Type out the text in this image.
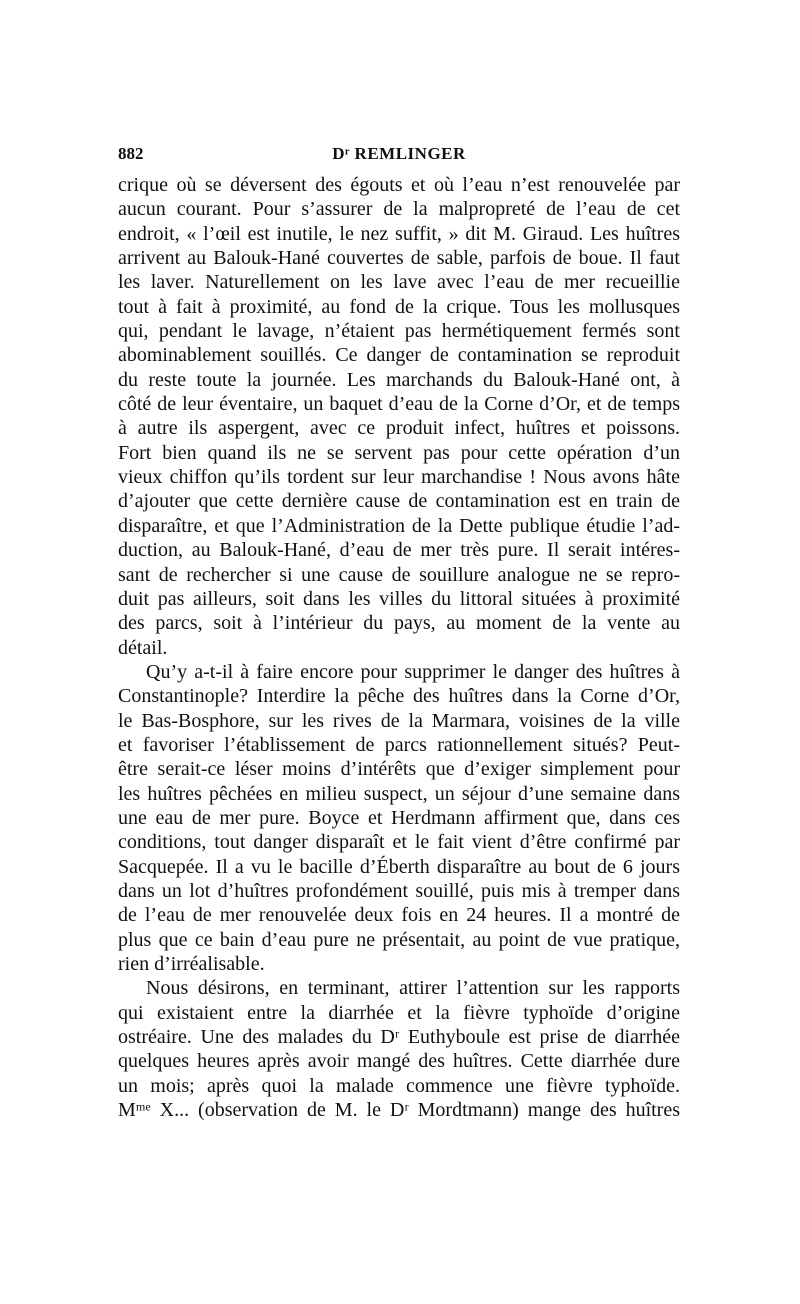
882	Dʳ REMLINGER
crique où se déversent des égouts et où l’eau n’est renouvelée par
aucun courant. Pour s’assurer de la malpropreté de l’eau de cet
endroit, « l’œil est inutile, le nez suffit, » dit M. Giraud. Les huîtres
arrivent au Balouk-Hané couvertes de sable, parfois de boue. Il faut
les laver. Naturellement on les lave avec l’eau de mer recueillie
tout à fait à proximité, au fond de la crique. Tous les mollusques
qui, pendant le lavage, n’étaient pas hermétiquement fermés sont
abominablement souillés. Ce danger de contamination se reproduit
du reste toute la journée. Les marchands du Balouk-Hané ont, à
côté de leur éventaire, un baquet d’eau de la Corne d’Or, et de temps
à autre ils aspergent, avec ce produit infect, huîtres et poissons.
Fort bien quand ils ne se servent pas pour cette opération d’un
vieux chiffon qu’ils tordent sur leur marchandise ! Nous avons hâte
d’ajouter que cette dernière cause de contamination est en train de
disparaître, et que l’Administration de la Dette publique étudie l’ad-
duction, au Balouk-Hané, d’eau de mer très pure. Il serait intéres-
sant de rechercher si une cause de souillure analogue ne se repro-
duit pas ailleurs, soit dans les villes du littoral situées à proximité
des parcs, soit à l’intérieur du pays, au moment de la vente au
détail.
Qu’y a-t-il à faire encore pour supprimer le danger des huîtres à
Constantinople? Interdire la pêche des huîtres dans la Corne d’Or,
le Bas-Bosphore, sur les rives de la Marmara, voisines de la ville
et favoriser l’établissement de parcs rationnellement situés? Peut-
être serait-ce léser moins d’intérêts que d’exiger simplement pour
les huîtres pêchées en milieu suspect, un séjour d’une semaine dans
une eau de mer pure. Boyce et Herdmann affirment que, dans ces
conditions, tout danger disparaît et le fait vient d’être confirmé par
Sacquepée. Il a vu le bacille d’Éberth disparaître au bout de 6 jours
dans un lot d’huîtres profondément souillé, puis mis à tremper dans
de l’eau de mer renouvelée deux fois en 24 heures. Il a montré de
plus que ce bain d’eau pure ne présentait, au point de vue pratique,
rien d’irréalisable.
Nous désirons, en terminant, attirer l’attention sur les rapports
qui existaient entre la diarrhée et la fièvre typhoïde d’origine
ostréaire. Une des malades du Dʳ Euthyboule est prise de diarrhée
quelques heures après avoir mangé des huîtres. Cette diarrhée dure
un mois; après quoi la malade commence une fièvre typhoïde.
Mᵐᵉ X... (observation de M. le Dʳ Mordtmann) mange des huîtres
